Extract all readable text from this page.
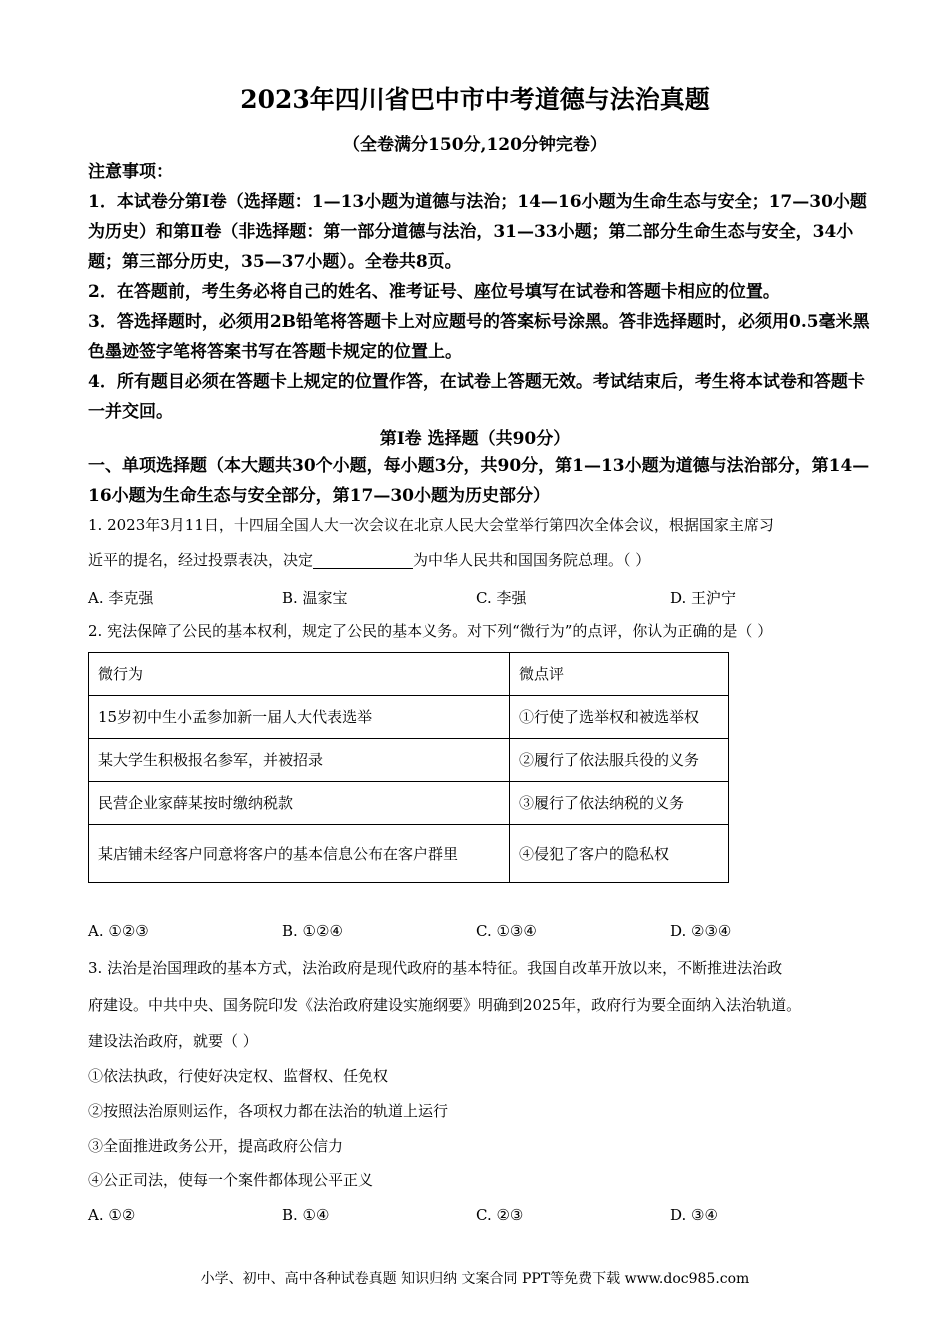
2023年四川省巴中市中考道德与法治真题
（全卷满分150分,120分钟完卷）

注意事项：

1．本试卷分第Ⅰ卷（选择题：1—13小题为道德与法治；14—16小题为生命生态与安全；17—30小题为历史）和第Ⅱ卷（非选择题：第一部分道德与法治，31—33小题；第二部分生命生态与安全，34小题；第三部分历史，35—37小题）。全卷共8页。

2．在答题前，考生务必将自己的姓名、准考证号、座位号填写在试卷和答题卡相应的位置。

3．答选择题时，必须用2B铅笔将答题卡上对应题号的答案标号涂黑。答非选择题时，必须用0.5毫米黑色墨迹签字笔将答案书写在答题卡规定的位置上。

4．所有题目必须在答题卡上规定的位置作答，在试卷上答题无效。考试结束后，考生将本试卷和答题卡一并交回。

第Ⅰ卷 选择题（共90分）
一、单项选择题（本大题共30个小题，每小题3分，共90分，第1—13小题为道德与法治部分，第14—16小题为生命生态与安全部分，第17—30小题为历史部分）
1. 2023年3月11日，十四届全国人大一次会议在北京人民大会堂举行第四次全体会议，根据国家主席习
近平的提名，经过投票表决，决定	为中华人民共和国国务院总理。（ ）
A. 李克强	B. 温家宝	C. 李强	D. 王沪宁
2. 宪法保障了公民的基本权利，规定了公民的基本义务。对下列“微行为”的点评，你认为正确的是（ ）
微行为	微点评
15岁初中生小孟参加新一届人大代表选举	①行使了选举权和被选举权
某大学生积极报名参军，并被招录	②履行了依法服兵役的义务
民营企业家薛某按时缴纳税款	③履行了依法纳税的义务
某店铺未经客户同意将客户的基本信息公布在客户群里	④侵犯了客户的隐私权
A. ①②③	B. ①②④	C. ①③④	D. ②③④
3. 法治是治国理政的基本方式，法治政府是现代政府的基本特征。我国自改革开放以来，不断推进法治政
府建设。中共中央、国务院印发《法治政府建设实施纲要》明确到2025年，政府行为要全面纳入法治轨道。
建设法治政府，就要（ ）
①依法执政，行使好决定权、监督权、任免权
②按照法治原则运作，各项权力都在法治的轨道上运行
③全面推进政务公开，提高政府公信力
④公正司法，使每一个案件都体现公平正义
A. ①②	B. ①④	C. ②③	D. ③④
小学、初中、高中各种试卷真题 知识归纳 文案合同 PPT等免费下载 www.doc985.com
